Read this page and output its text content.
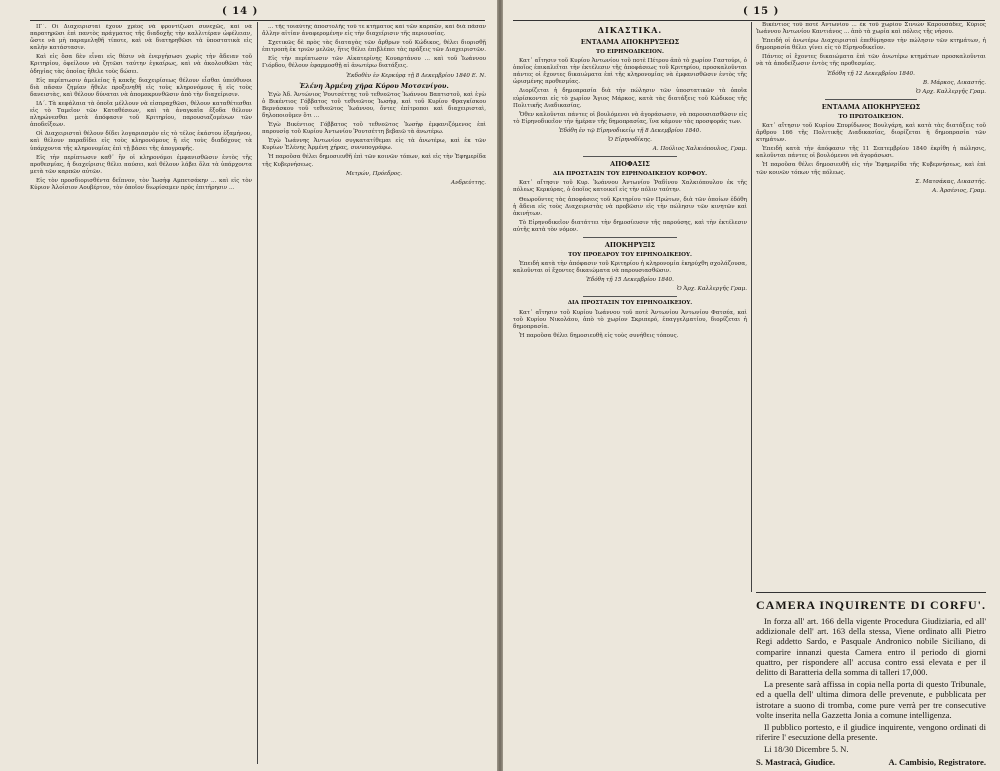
( 14 )

ΙΓ΄. Οἱ Διαχειρισταὶ ἔχουν χρέος νὰ φροντίζωσι συνεχῶς, καὶ νὰ παρατηρῶσι ἐπὶ παντὸς πράγματος τῆς διαδοχῆς τὴν καλλιτέραν ὠφέλειαν, ὥστε νὰ μὴ παραμεληθῆ τίποτε, καὶ νὰ διατηρηθῶσι τὰ ὑποστατικὰ εἰς καλὴν κατάστασιν.

Καὶ εἰς ὅσα δὲν εἶναι εἰς θέσιν νὰ ἐνεργήσωσι χωρὶς τὴν ἄδειαν τοῦ Κριτηρίου, ὀφείλουν νὰ ζητῶσι ταύτην ἐγκαίρως, καὶ νὰ ἀκολουθῶσι τὰς ὁδηγίας τὰς ὁποίας ἤθελε τοὺς δώσει.

Εἰς περίπτωσιν ἀμελείας ἢ κακῆς διαχειρίσεως θέλουν εἶσθαι ὑπεύθυνοι διὰ πᾶσαν ζημίαν ἤθελε προξενηθῆ εἰς τοὺς κληρονόμους ἢ εἰς τοὺς δανειστὰς, καὶ θέλουν δύναται νὰ ἀπομακρυνθῶσιν ἀπὸ τὴν διαχείρισιν.

ΙΔ΄. Τὰ κεφάλαια τὰ ὁποῖα μέλλουν νὰ εἰσπραχθῶσι, θέλουν καταθέτεσθαι εἰς τὸ Ταμεῖον τῶν Καταθέσεων, καὶ τὰ ἀναγκαῖα ἔξοδα θέλουν πληρώνεσθαι μετὰ ἀπόφασιν τοῦ Κριτηρίου, παρουσιαζομένων τῶν ἀποδείξεων.

Οἱ Διαχειρισταὶ θέλουν δίδει λογαριασμὸν εἰς τὸ τέλος ἑκάστου ἑξαμήνου, καὶ θέλουν παραδίδει εἰς τοὺς κληρονόμους ἢ εἰς τοὺς διαδόχους τὰ ὑπάρχοντα τῆς κληρονομίας ἐπὶ τῇ βάσει τῆς ἀπογραφῆς.

Εἰς τὴν περίπτωσιν καθ᾽ ἣν οἱ κληρονόμοι ἐμφανισθῶσιν ἐντὸς τῆς προθεσμίας, ἡ διαχείρισις θέλει παύσει, καὶ θέλουν λάβει ὅλα τὰ ὑπάρχοντα μετὰ τῶν καρπῶν αὐτῶν.

Εἰς τὸν προσδιορισθέντα δεῖπνον, τὸν Ἰωσὴφ Αμπετσάκην ... καὶ εἰς τὸν Κύριον Ἀλοΐσιον Αουβέρτον, τὸν ὁποῖον διωρίσαμεν πρὸς ἐπιτήρησιν ...

... τῆς τοιαύτης ἀποστολῆς τοῦ τε κτήματος καὶ τῶν καρπῶν, καὶ διὰ πᾶσαν ἄλλην αἰτίαν ἀναφερομένην εἰς τὴν διαχείρισιν τῆς περιουσίας.

Σχετικῶς δὲ πρὸς τὰς διαταγὰς τῶν ἄρθρων τοῦ Κώδικος, θέλει διορισθῇ ἐπιτροπὴ ἐκ τριῶν μελῶν, ἥτις θέλει ἐπιβλέπει τὰς πράξεις τῶν Διαχειριστῶν.

Εἰς τὴν περίπτωσιν τῶν Αἰκατερίνης Κουαρτάνου ... καὶ τοῦ Ἰωάννου Γιόρδου, θέλουν ἐφαρμοσθῇ αἱ ἀνωτέρω διατάξεις.

Ἐκδοθὲν ἐν Κερκύρᾳ τῇ 8 Δεκεμβρίου 1840 Ε. Ν.

Ἐλένη Ἀρμένη χήρα Κύρου Μοτσενίγου.

Ἐγὼ Ἀδ. Ἀντώνιος Ῥουτσέττης τοῦ τεθνεῶτος Ἰωάννου Βαπτιστοῦ, καὶ ἐγὼ ὁ Βικέντιος Γόββατος τοῦ τεθνεῶτος Ἰωσὴφ, καὶ τοῦ Κυρίου Φραγκίσκου Βερνάσκου τοῦ τεθνεῶτος Ἰωάννου, ὄντες ἐπίτροποι καὶ διαχειρισταὶ, δηλοποιοῦμεν ὅτι ...

Ἐγὼ Βικέντιος Γόββατος τοῦ τεθνεῶτος Ἰωσὴφ ἐμφανιζόμενος ἐπὶ παρουσίᾳ τοῦ Κυρίου Ἀντωνίου Ῥουτσέττη βεβαιῶ τὰ ἀνωτέρω.

Ἐγὼ Ἰωάννης Ἀντωνίου συγκατατίθεμαι εἰς τὰ ἀνωτέρω, καὶ ἐκ τῶν Κυρίων Ἐλένης Ἀρμένη χήρας, συνυπογράφω.

Ἡ παροῦσα θέλει δημοσιευθῆ ἐπὶ τῶν κοινῶν τόπων, καὶ εἰς τὴν Ἐφημερίδα τῆς Κυβερνήσεως.

Μετρών, Πρόεδρος.

Ανδρεύττης.

( 15 )
ΔΙΚΑΣΤΙΚΑ.
ΕΝΤΑΛΜΑ ΑΠΟΚΗΡΥΞΕΩΣ
ΤΟ ΕΙΡΗΝΟΔΙΚΕΙΟΝ.

Κατ᾽ αἴτησιν τοῦ Κυρίου Ἀντωνίου τοῦ ποτὲ Πέτρου ἀπὸ τὸ χωρίον Γαστούρι, ὁ ὁποῖος ἐπικαλεῖται τὴν ἐκτέλεσιν τῆς ἀποφάσεως τοῦ Κριτηρίου, προσκαλοῦνται πάντες οἱ ἔχοντες δικαιώματα ἐπὶ τῆς κληρονομίας νὰ ἐμφανισθῶσιν ἐντὸς τῆς ὡρισμένης προθεσμίας.

Διορίζεται ἡ δημοπρασία διὰ τὴν πώλησιν τῶν ὑποστατικῶν τὰ ὁποῖα εὑρίσκονται εἰς τὸ χωρίον Ἅγιος Μάρκος, κατὰ τὰς διατάξεις τοῦ Κώδικος τῆς Πολιτικῆς Διαδικασίας.

Ὅθεν καλοῦνται πάντες οἱ βουλόμενοι νὰ ἀγοράσωσιν, νὰ παρουσιασθῶσιν εἰς τὸ Εἰρηνοδικεῖον τὴν ἡμέραν τῆς δημοπρασίας, ἵνα κάμουν τὰς προσφοράς των.

Ἐδόθη ἐν τῷ Εἰρηνοδικείῳ τῇ 8 Δεκεμβρίου 1840.

Ὁ Εἰρηνοδίκης.

Α. Πούλιος Χαλκιόπουλος, Γραμ.

ΑΠΟΦΑΣΙΣ
ΔΙΑ ΠΡΟΣΤΑΣΙΝ ΤΟΥ ΕΙΡΗΝΟΔΙΚΕΙΟΥ ΚΟΡΦΟΥ.

Κατ᾽ αἴτησιν τοῦ Κυρ. Ἰωάννου Ἀντωνίου Ῥαδίνου Χαλκιόπουλου ἐκ τῆς πόλεως Κερκύρας, ὁ ὁποῖος κατοικεῖ εἰς τὴν πόλιν ταύτην.

Θεωροῦντες τὰς ἀποφάσεις τοῦ Κριτηρίου τῶν Πρώτων, διὰ τῶν ὁποίων ἐδόθη ἡ ἄδεια εἰς τοὺς Διαχειριστὰς νὰ προβῶσιν εἰς τὴν πώλησιν τῶν κινητῶν καὶ ἀκινήτων.

Τὸ Εἰρηνοδικεῖον διατάττει τὴν δημοσίευσιν τῆς παρούσης, καὶ τὴν ἐκτέλεσιν αὐτῆς κατὰ τὸν νόμον.

ΑΠΟΚΗΡΥΞΙΣ
ΤΟΥ ΠΡΟΕΔΡΟΥ ΤΟΥ ΕΙΡΗΝΟΔΙΚΕΙΟΥ.

Ἐπειδὴ κατὰ τὴν ἀπόφασιν τοῦ Κριτηρίου ἡ κληρονομία ἐκηρύχθη σχολάζουσα, καλοῦνται οἱ ἔχοντες δικαιώματα νὰ παρουσιασθῶσιν.

Ἐδόθη τῇ 15 Δεκεμβρίου 1840.

Ὁ Ἀρχ. Καλλεργῆς Γραμ.

ΔΙΑ ΠΡΟΣΤΑΣΙΝ ΤΟΥ ΕΙΡΗΝΟΔΙΚΕΙΟΥ.

Κατ᾽ αἴτησιν τοῦ Κυρίου Ἰωάννου τοῦ ποτὲ Ἀντωνίου Ἀντωνίου Φατσέα, καὶ τοῦ Κυρίου Νικολάου, ἀπὸ τὸ χωρίον Σκριπερό, ἐπαγγελματίου, διορίζεται ἡ δημοπρασία.

Ἡ παροῦσα θέλει δημοσιευθῆ εἰς τοὺς συνήθεις τόπους.

Βικέντιος τοῦ ποτὲ Ἀντωνίου ... ἐκ τοῦ χωρίου Σινιών Καρουσάδες, Κύριος Ἰωάννου Ἀντωνίου Καντιάνος ... ἀπὸ τὰ χωρία καὶ πόλεις τῆς νήσου.

Ἐπειδὴ οἱ ἀνωτέρω Διαχειρισταὶ ἐπεθύμησαν τὴν πώλησιν τῶν κτημάτων, ἡ δημοπρασία θέλει γίνει εἰς τὸ Εἰρηνοδικεῖον.

Πάντες οἱ ἔχοντες δικαιώματα ἐπὶ τῶν ἀνωτέρω κτημάτων προσκαλοῦνται νὰ τὰ ἀποδείξωσιν ἐντὸς τῆς προθεσμίας.

Ἐδόθη τῇ 12 Δεκεμβρίου 1840.

Β. Μάρκος, Δικαστής.

Ὁ Αρχ. Καλλεργῆς Γραμ.

ΕΝΤΑΛΜΑ ΑΠΟΚΗΡΥΞΕΩΣ
ΤΟ ΠΡΩΤΟΔΙΚΕΙΟΝ.

Κατ᾽ αἴτησιν τοῦ Κυρίου Σπυρίδωνος Βουλγάρη, καὶ κατὰ τὰς διατάξεις τοῦ ἄρθρου 166 τῆς Πολιτικῆς Διαδικασίας, διορίζεται ἡ δημοπρασία τῶν κτημάτων.

Ἐπειδὴ κατὰ τὴν ἀπόφασιν τῆς 11 Σεπτεμβρίου 1840 ἐκρίθη ἡ πώλησις, καλοῦνται πάντες οἱ βουλόμενοι νὰ ἀγοράσωσι.

Ἡ παροῦσα θέλει δημοσιευθῆ εἰς τὴν Ἐφημερίδα τῆς Κυβερνήσεως, καὶ ἐπὶ τῶν κοινῶν τόπων τῆς πόλεως.

Σ. Ματσάκας, Δικαστής.

Α. Ἀρσένιος, Γραμ.

CAMERA INQUIRENTE DI CORFU'.

In forza all' art. 166 della vigente Procedura Giudiziaria, ed all' addizionale dell' art. 163 della stessa, Viene ordinato alli Pietro Regi addetto Sardo, e Pasquale Andronico nobile Siciliano, di comparire innanzi questa Camera entro il periodo di giorni quattro, per rispondere all' accusa contro essi elevata e per il delitto di Baratteria della somma di talleri 17,000.

La presente sarà affissa in copia nella porta di questo Tribunale, ed a quella dell' ultima dimora delle prevenute, e pubblicata per istrotare a suono di tromba, come pure verrà per tre consecutive volte inserita nella Gazzetta Jonia a comune intelligenza.

Il pubblico portesto, e il giudice inquirente, vengono ordinati di riferire l' esecuzione della presente.

Li 18/30 Dicembre 5. N.

S. Mastracà, Giudice.	A. Cambisio, Registratore.
